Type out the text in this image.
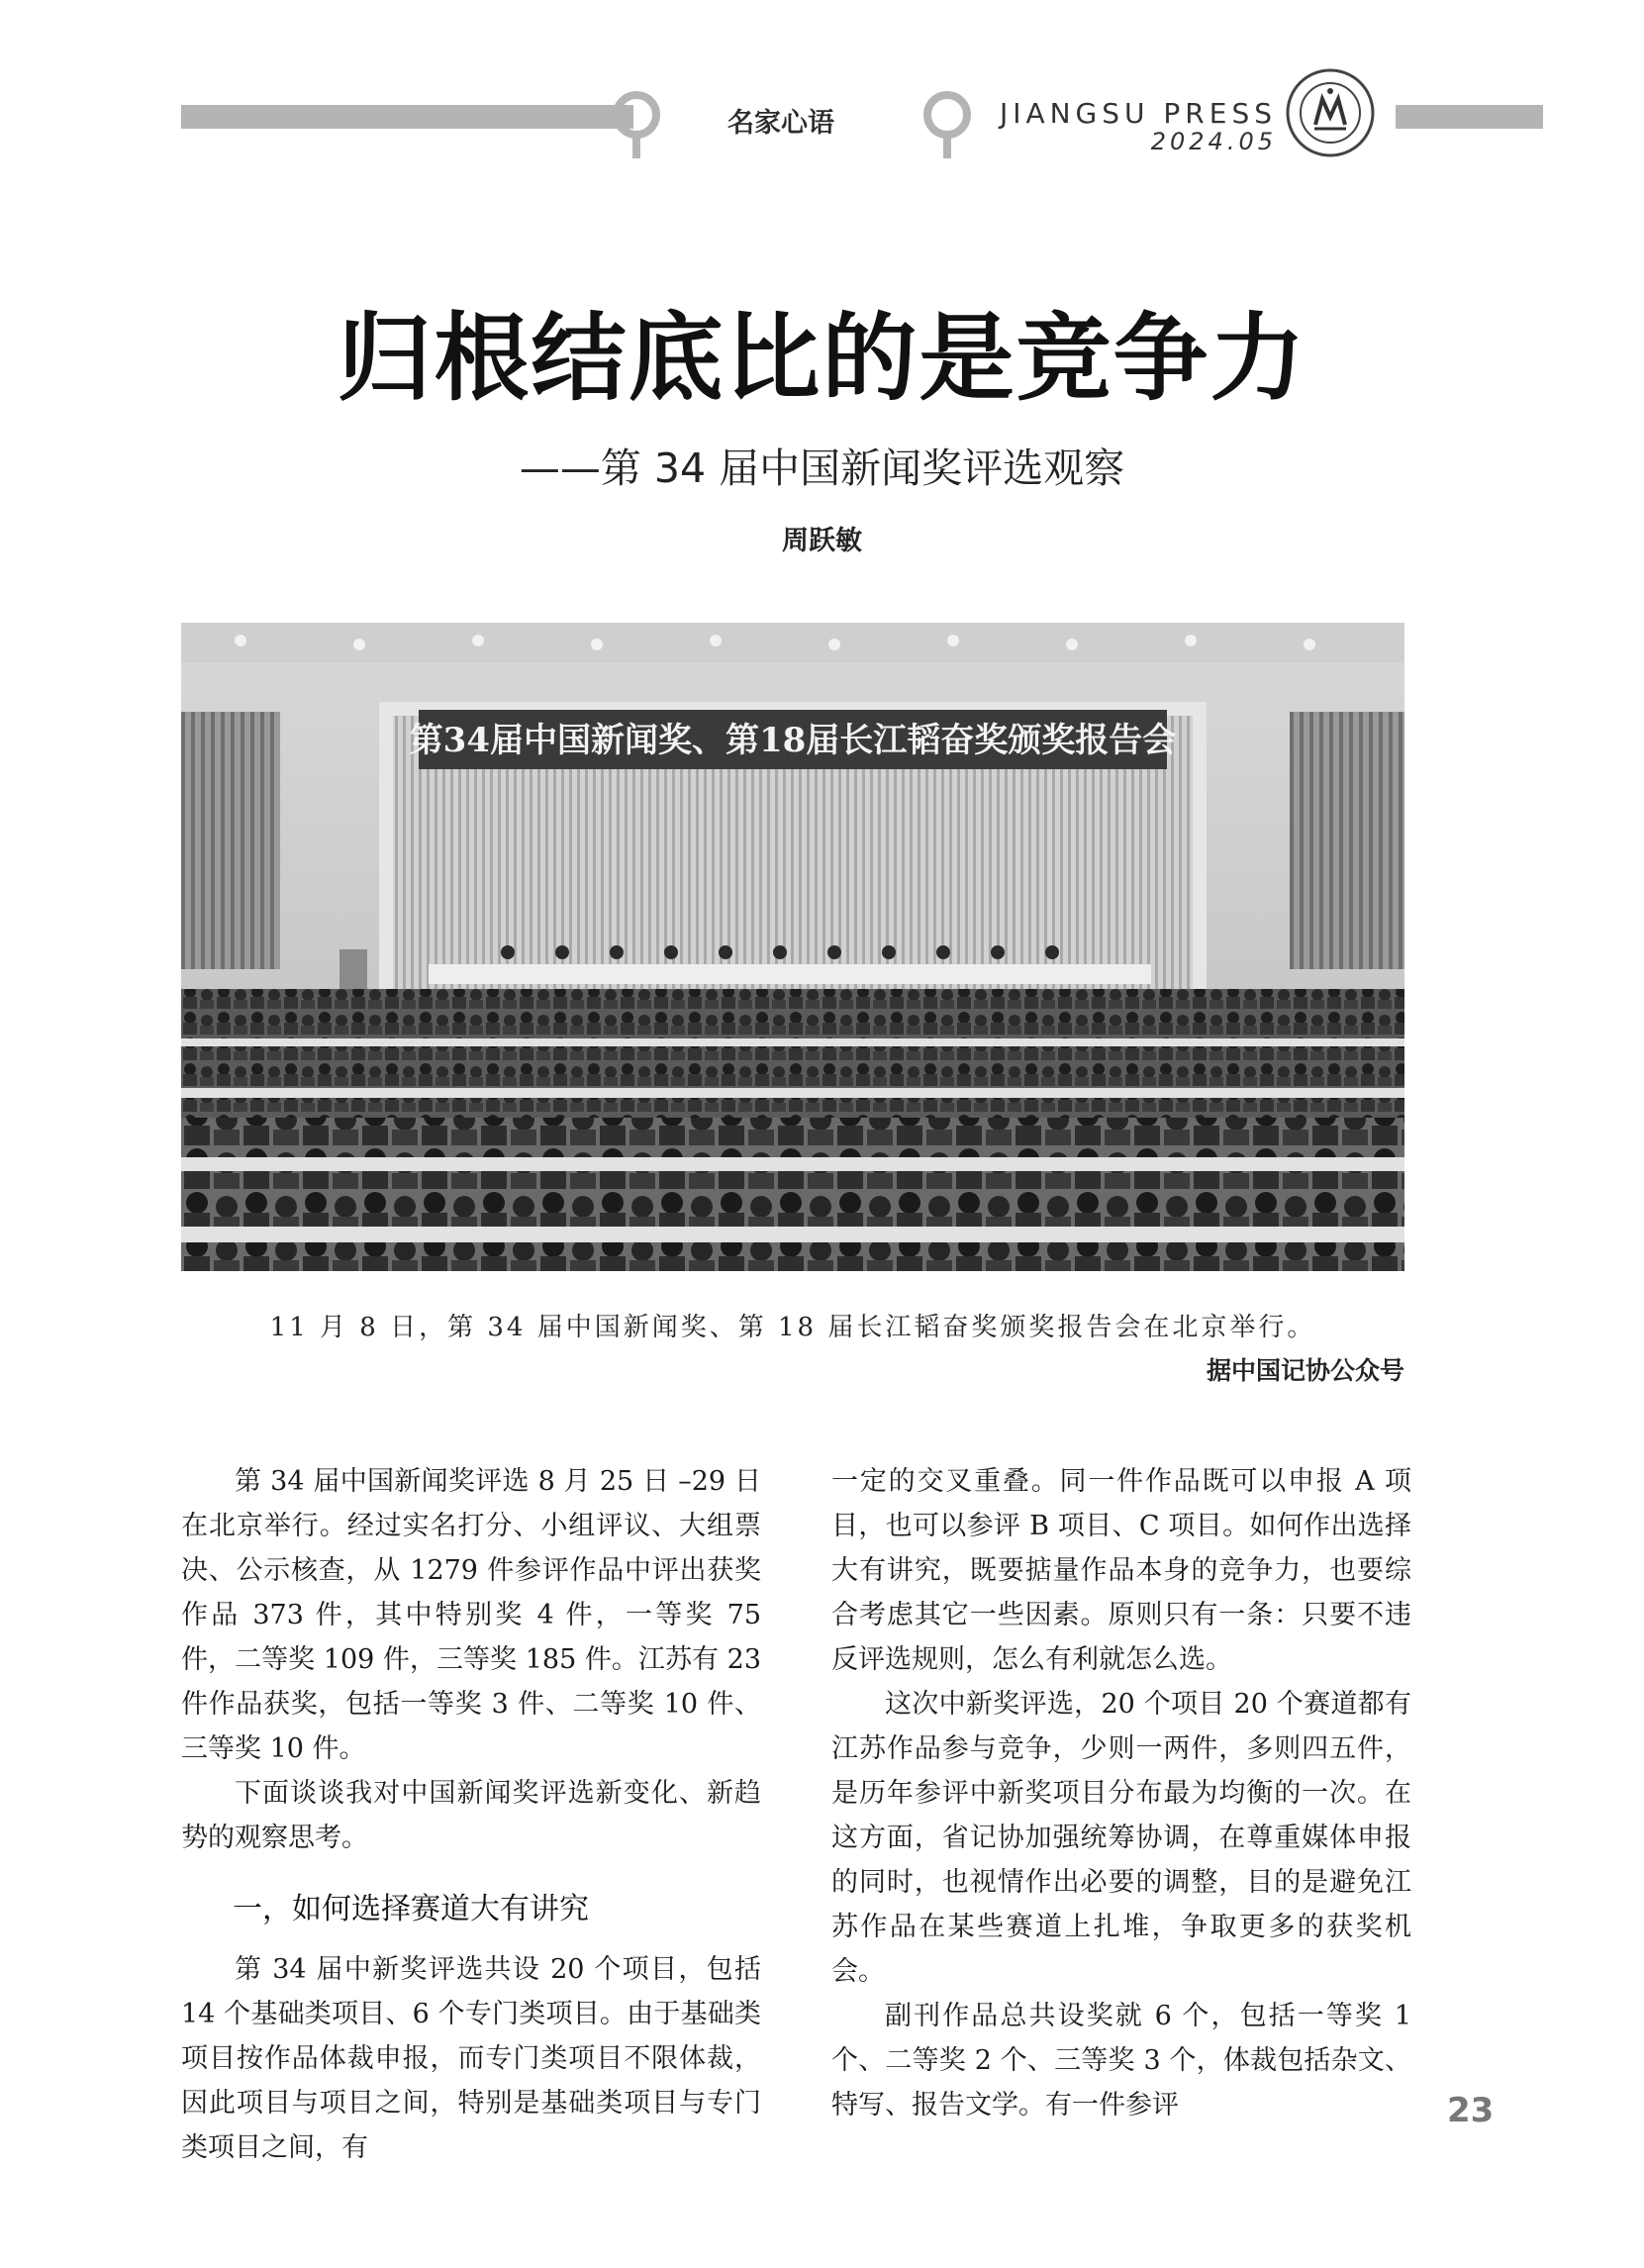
名家心语	JIANGSU PRESS
2024.05
归根结底比的是竞争力
——第 34 届中国新闻奖评选观察
周跃敏
第34届中国新闻奖、第18届长江韬奋奖颁奖报告会
11 月 8 日，第 34 届中国新闻奖、第 18 届长江韬奋奖颁奖报告会在北京举行。
据中国记协公众号

第 34 届中国新闻奖评选 8 月 25 日 –29 日在北京举行。经过实名打分、小组评议、大组票决、公示核查，从 1279 件参评作品中评出获奖作品 373 件，其中特别奖 4 件，一等奖 75 件，二等奖 109 件，三等奖 185 件。江苏有 23 件作品获奖，包括一等奖 3 件、二等奖 10 件、三等奖 10 件。

下面谈谈我对中国新闻奖评选新变化、新趋势的观察思考。

一，如何选择赛道大有讲究

第 34 届中新奖评选共设 20 个项目，包括 14 个基础类项目、6 个专门类项目。由于基础类项目按作品体裁申报，而专门类项目不限体裁，因此项目与项目之间，特别是基础类项目与专门类项目之间，有

一定的交叉重叠。同一件作品既可以申报 A 项目，也可以参评 B 项目、C 项目。如何作出选择大有讲究，既要掂量作品本身的竞争力，也要综合考虑其它一些因素。原则只有一条：只要不违反评选规则，怎么有利就怎么选。

这次中新奖评选，20 个项目 20 个赛道都有江苏作品参与竞争，少则一两件，多则四五件，是历年参评中新奖项目分布最为均衡的一次。在这方面，省记协加强统筹协调，在尊重媒体申报的同时，也视情作出必要的调整，目的是避免江苏作品在某些赛道上扎堆，争取更多的获奖机会。

副刊作品总共设奖就 6 个，包括一等奖 1 个、二等奖 2 个、三等奖 3 个，体裁包括杂文、特写、报告文学。有一件参评	23
